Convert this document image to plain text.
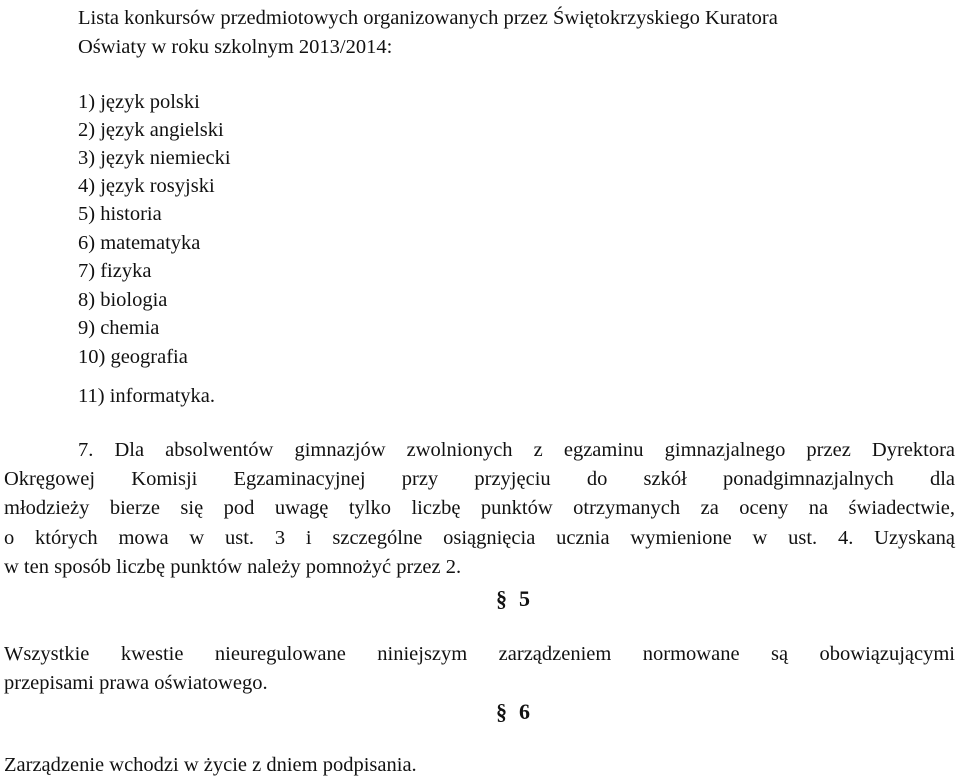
Lista konkursów przedmiotowych organizowanych przez Świętokrzyskiego Kuratora
Oświaty w roku szkolnym 2013/2014:
1) język polski
2) język angielski
3) język niemiecki
4) język rosyjski
5) historia
6) matematyka
7) fizyka
8) biologia
9) chemia
10) geografia
11) informatyka.
7. Dla absolwentów gimnazjów zwolnionych z egzaminu gimnazjalnego przez Dyrektora
Okręgowej Komisji Egzaminacyjnej przy przyjęciu do szkół ponadgimnazjalnych dla
młodzieży bierze się pod uwagę tylko liczbę punktów otrzymanych za oceny na świadectwie,
o których mowa w ust. 3 i szczególne osiągnięcia ucznia wymienione w ust. 4. Uzyskaną
w ten sposób liczbę punktów należy pomnożyć przez 2.
§ 5
Wszystkie kwestie nieuregulowane niniejszym zarządzeniem normowane są obowiązującymi
przepisami prawa oświatowego.
§ 6
Zarządzenie wchodzi w życie z dniem podpisania.
